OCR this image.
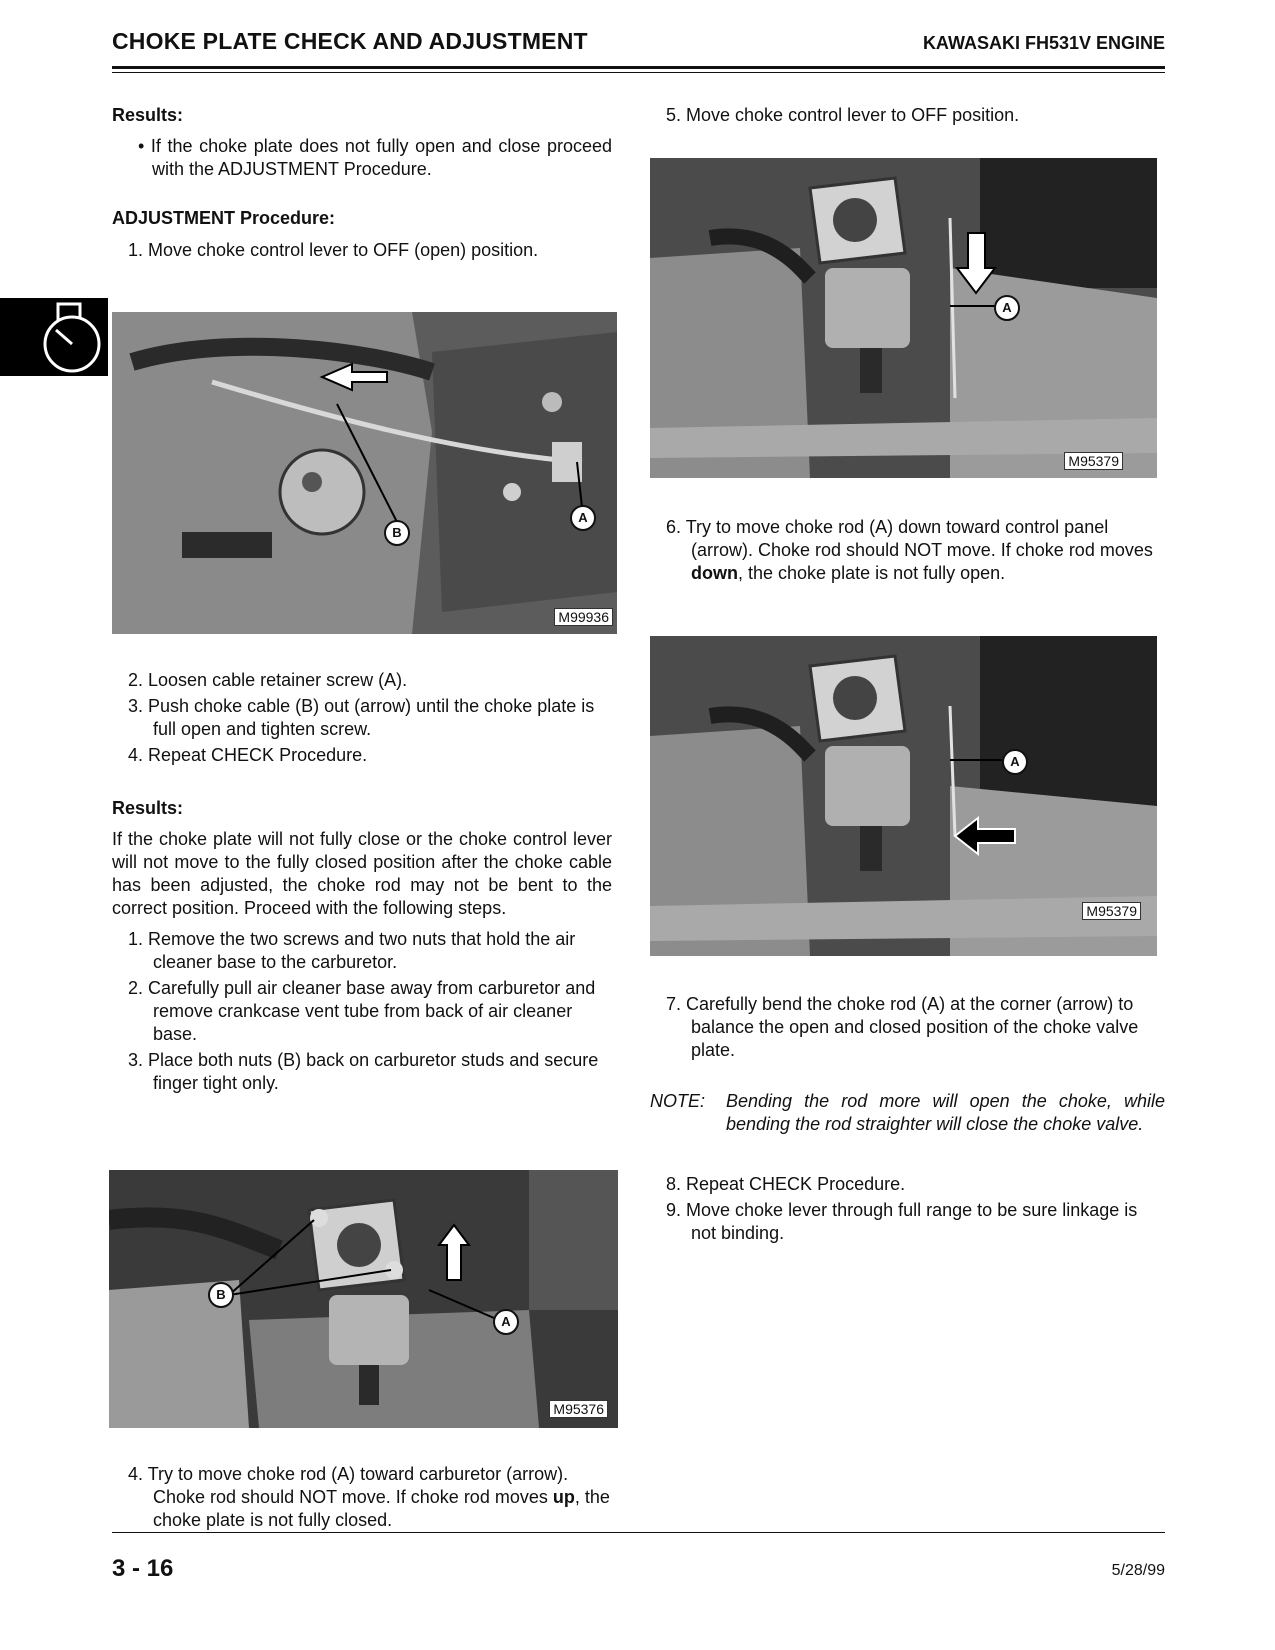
CHOKE PLATE CHECK AND ADJUSTMENT	KAWASAKI FH531V ENGINE
Results:

• If the choke plate does not fully open and close proceed with the ADJUSTMENT Procedure.

ADJUSTMENT Procedure:

1. Move choke control lever to OFF (open) position.

A
B
M99936

2. Loosen cable retainer screw (A).

3. Push choke cable (B) out (arrow) until the choke plate is full open and tighten screw.

4. Repeat CHECK Procedure.

Results:

If the choke plate will not fully close or the choke control lever will not move to the fully closed position after the choke cable has been adjusted, the choke rod may not be bent to the correct position. Proceed with the following steps.

1. Remove the two screws and two nuts that hold the air cleaner base to the carburetor.

2. Carefully pull air cleaner base away from carburetor and remove crankcase vent tube from back of air cleaner base.

3. Place both nuts (B) back on carburetor studs and secure finger tight only.

B
A
M95376

4. Try to move choke rod (A) toward carburetor (arrow). Choke rod should NOT move. If choke rod moves up, the choke plate is not fully closed.

5. Move choke control lever to OFF position.

A
M95379

6. Try to move choke rod (A) down toward control panel (arrow). Choke rod should NOT move. If choke rod moves down, the choke plate is not fully open.

A
M95379

7. Carefully bend the choke rod (A) at the corner (arrow) to balance the open and closed position of the choke valve plate.

NOTE:	Bending the rod more will open the choke, while bending the rod straighter will close the choke valve.

8. Repeat CHECK Procedure.

9. Move choke lever through full range to be sure linkage is not binding.

3 - 16	5/28/99
